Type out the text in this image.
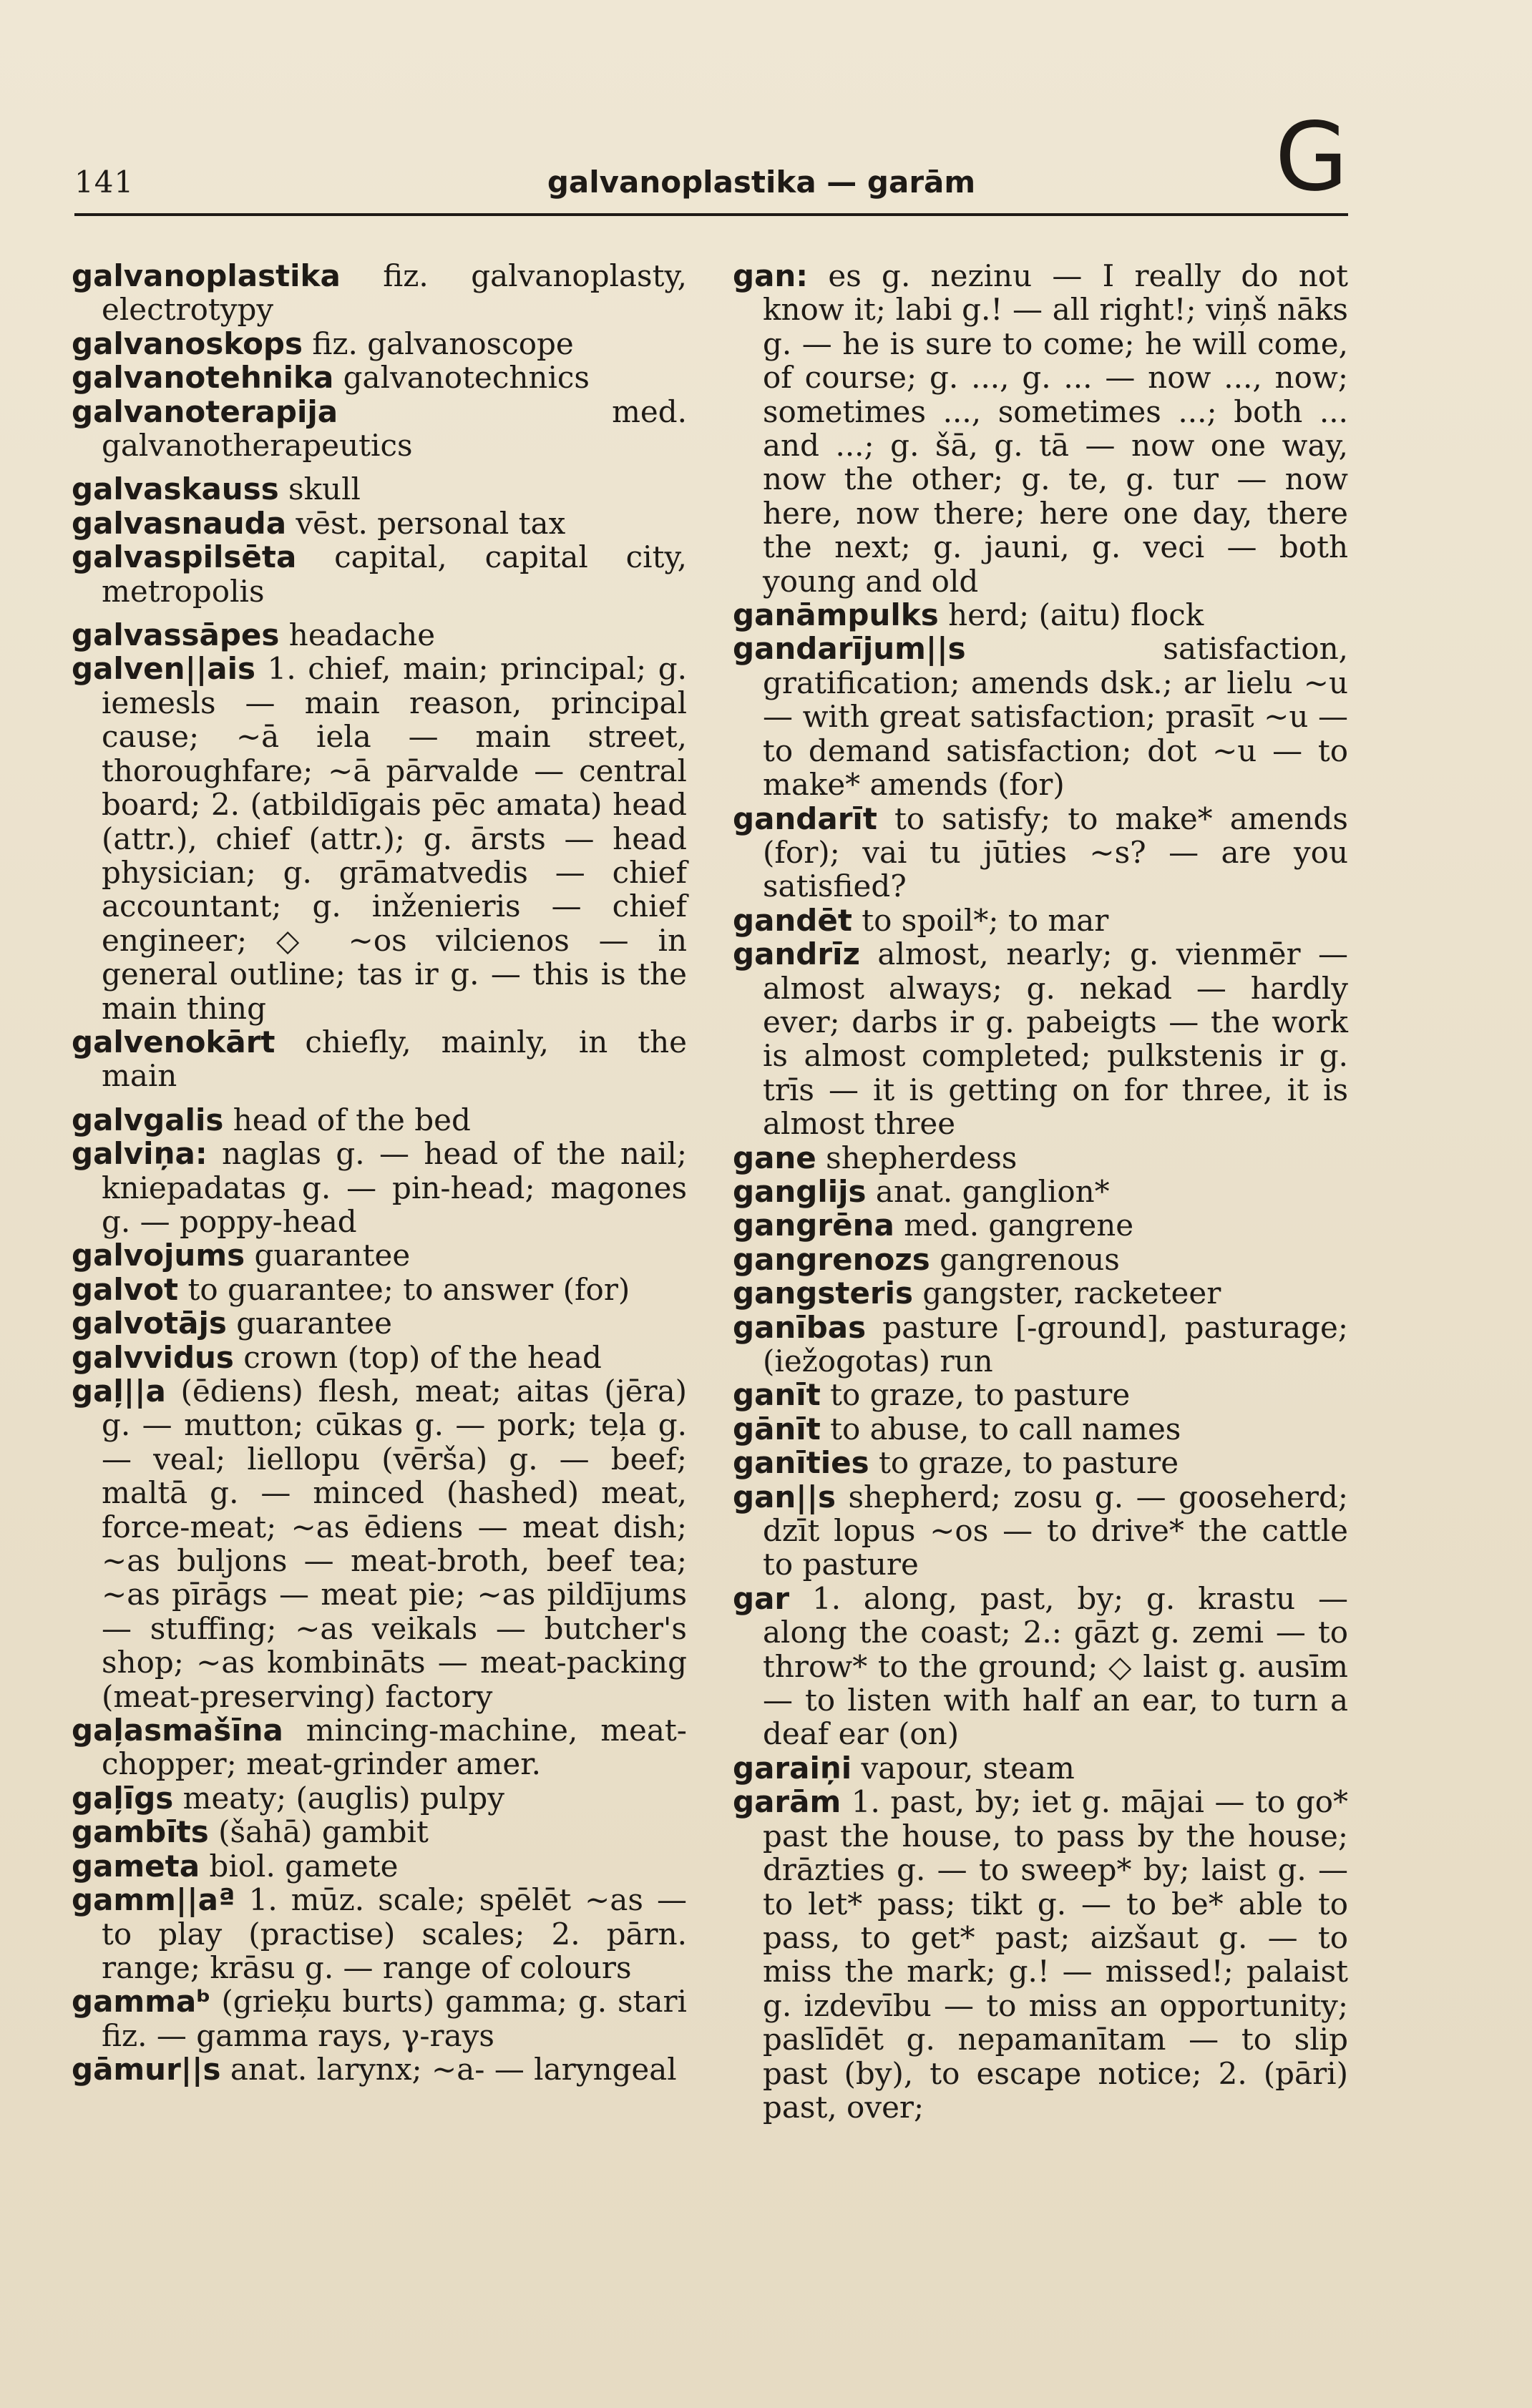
141	galvanoplastika — garām	G
galvanoplastika fiz. galvanoplasty, electrotypy
galvanoskops fiz. galvanoscope
galvanotehnika galvanotechnics
galvanoterapija med. galvanotherapeutics
galvaskauss skull
galvasnauda vēst. personal tax
galvaspilsēta capital, capital city, metropolis
galvassāpes headache
galven||ais 1. chief, main; principal; g. iemesls — main reason, principal cause; ~ā iela — main street, thoroughfare; ~ā pārvalde — central board; 2. (atbildīgais pēc amata) head (attr.), chief (attr.); g. ārsts — head physician; g. grāmatvedis — chief accountant; g. inženieris — chief engineer; ◇ ~os vilcienos — in general outline; tas ir g. — this is the main thing
galvenokārt chiefly, mainly, in the main
galvgalis head of the bed
galviņa: naglas g. — head of the nail; kniepadatas g. — pin-head; magones g. — poppy-head
galvojums guarantee
galvot to guarantee; to answer (for)
galvotājs guarantee
galvvidus crown (top) of the head
gaļ||a (ēdiens) flesh, meat; aitas (jēra) g. — mutton; cūkas g. — pork; teļa g. — veal; liellopu (vērša) g. — beef; maltā g. — minced (hashed) meat, force-meat; ~as ēdiens — meat dish; ~as buljons — meat-broth, beef tea; ~as pīrāgs — meat pie; ~as pildījums — stuffing; ~as veikals — butcher's shop; ~as kombināts — meat-packing (meat-preserving) factory
gaļasmašīna mincing-machine, meat-chopper; meat-grinder amer.
gaļīgs meaty; (auglis) pulpy
gambīts (šahā) gambit
gameta biol. gamete
gamm||aª 1. mūz. scale; spēlēt ~as — to play (practise) scales; 2. pārn. range; krāsu g. — range of colours
gammaᵇ (grieķu burts) gamma; g. stari fiz. — gamma rays, γ-rays
gāmur||s anat. larynx; ~a- — laryngeal
gan: es g. nezinu — I really do not know it; labi g.! — all right!; viņš nāks g. — he is sure to come; he will come, of course; g. ..., g. ... — now ..., now; sometimes ..., sometimes ...; both ... and ...; g. šā, g. tā — now one way, now the other; g. te, g. tur — now here, now there; here one day, there the next; g. jauni, g. veci — both young and old
ganāmpulks herd; (aitu) flock
gandarījum||s satisfaction, gratification; amends dsk.; ar lielu ~u — with great satisfaction; prasīt ~u — to demand satisfaction; dot ~u — to make* amends (for)
gandarīt to satisfy; to make* amends (for); vai tu jūties ~s? — are you satisfied?
gandēt to spoil*; to mar
gandrīz almost, nearly; g. vienmēr — almost always; g. nekad — hardly ever; darbs ir g. pabeigts — the work is almost completed; pulkstenis ir g. trīs — it is getting on for three, it is almost three
gane shepherdess
ganglijs anat. ganglion*
gangrēna med. gangrene
gangrenozs gangrenous
gangsteris gangster, racketeer
ganības pasture [-ground], pasturage; (iežogotas) run
ganīt to graze, to pasture
gānīt to abuse, to call names
ganīties to graze, to pasture
gan||s shepherd; zosu g. — gooseherd; dzīt lopus ~os — to drive* the cattle to pasture
gar 1. along, past, by; g. krastu — along the coast; 2.: gāzt g. zemi — to throw* to the ground; ◇ laist g. ausīm — to listen with half an ear, to turn a deaf ear (on)
garaiņi vapour, steam
garām 1. past, by; iet g. mājai — to go* past the house, to pass by the house; drāzties g. — to sweep* by; laist g. — to let* pass; tikt g. — to be* able to pass, to get* past; aizšaut g. — to miss the mark; g.! — missed!; palaist g. izdevību — to miss an opportunity; paslīdēt g. nepamanītam — to slip past (by), to escape notice; 2. (pāri) past, over;
